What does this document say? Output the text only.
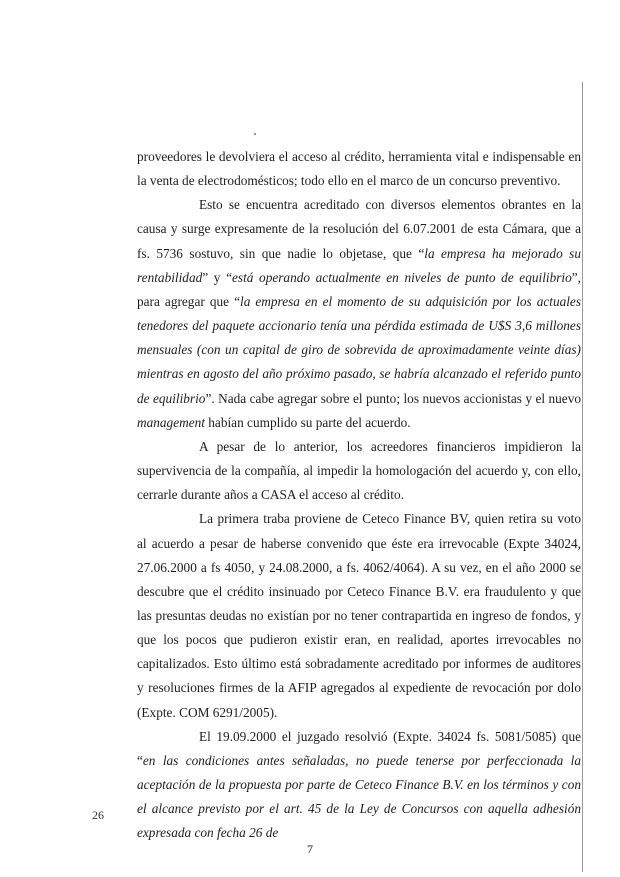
proveedores le devolviera el acceso al crédito, herramienta vital e indispensable en la venta de electrodomésticos; todo ello en el marco de un concurso preventivo.

Esto se encuentra acreditado con diversos elementos obrantes en la causa y surge expresamente de la resolución del 6.07.2001 de esta Cámara, que a fs. 5736 sostuvo, sin que nadie lo objetase, que “la empresa ha mejorado su rentabilidad” y “está operando actualmente en niveles de punto de equilibrio”, para agregar que “la empresa en el momento de su adquisición por los actuales tenedores del paquete accionario tenía una pérdida estimada de U$S 3,6 millones mensuales (con un capital de giro de sobrevida de aproximadamente veinte días) mientras en agosto del año próximo pasado, se habría alcanzado el referido punto de equilibrio”. Nada cabe agregar sobre el punto; los nuevos accionistas y el nuevo management habían cumplido su parte del acuerdo.

A pesar de lo anterior, los acreedores financieros impidieron la supervivencia de la compañía, al impedir la homologación del acuerdo y, con ello, cerrarle durante años a CASA el acceso al crédito.

La primera traba proviene de Ceteco Finance BV, quien retira su voto al acuerdo a pesar de haberse convenido que éste era irrevocable (Expte 34024, 27.06.2000 a fs 4050, y 24.08.2000, a fs. 4062/4064). A su vez, en el año 2000 se descubre que el crédito insinuado por Ceteco Finance B.V. era fraudulento y que las presuntas deudas no existían por no tener contrapartida en ingreso de fondos, y que los pocos que pudieron existir eran, en realidad, aportes irrevocables no capitalizados. Esto último está sobradamente acreditado por informes de auditores y resoluciones firmes de la AFIP agregados al expediente de revocación por dolo (Expte. COM 6291/2005).

El 19.09.2000 el juzgado resolvió (Expte. 34024 fs. 5081/5085) que “en las condiciones antes señaladas, no puede tenerse por perfeccionada la aceptación de la propuesta por parte de Ceteco Finance B.V. en los términos y con el alcance previsto por el art. 45 de la Ley de Concursos con aquella adhesión expresada con fecha 26 de

26
7
